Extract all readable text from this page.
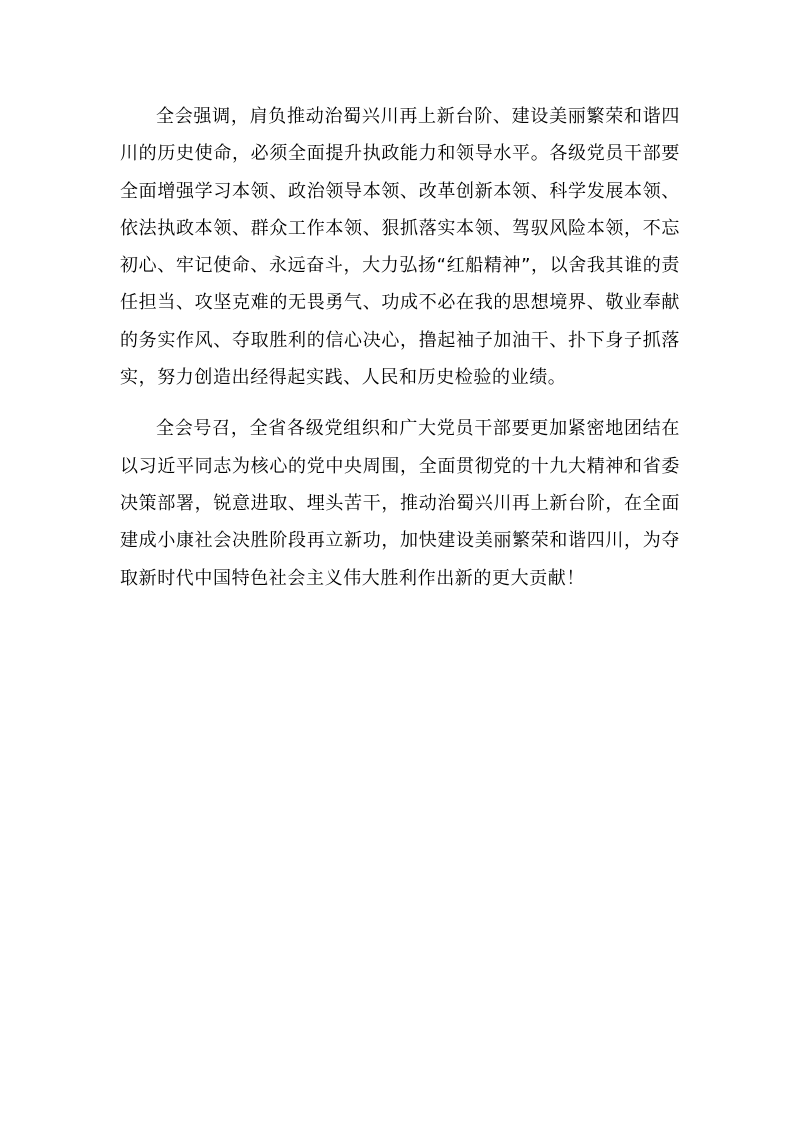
全会强调，肩负推动治蜀兴川再上新台阶、建设美丽繁荣和谐四川的历史使命，必须全面提升执政能力和领导水平。各级党员干部要全面增强学习本领、政治领导本领、改革创新本领、科学发展本领、依法执政本领、群众工作本领、狠抓落实本领、驾驭风险本领，不忘初心、牢记使命、永远奋斗，大力弘扬“红船精神”，以舍我其谁的责任担当、攻坚克难的无畏勇气、功成不必在我的思想境界、敬业奉献的务实作风、夺取胜利的信心决心，撸起袖子加油干、扑下身子抓落实，努力创造出经得起实践、人民和历史检验的业绩。

全会号召，全省各级党组织和广大党员干部要更加紧密地团结在以习近平同志为核心的党中央周围，全面贯彻党的十九大精神和省委决策部署，锐意进取、埋头苦干，推动治蜀兴川再上新台阶，在全面建成小康社会决胜阶段再立新功，加快建设美丽繁荣和谐四川，为夺取新时代中国特色社会主义伟大胜利作出新的更大贡献！
